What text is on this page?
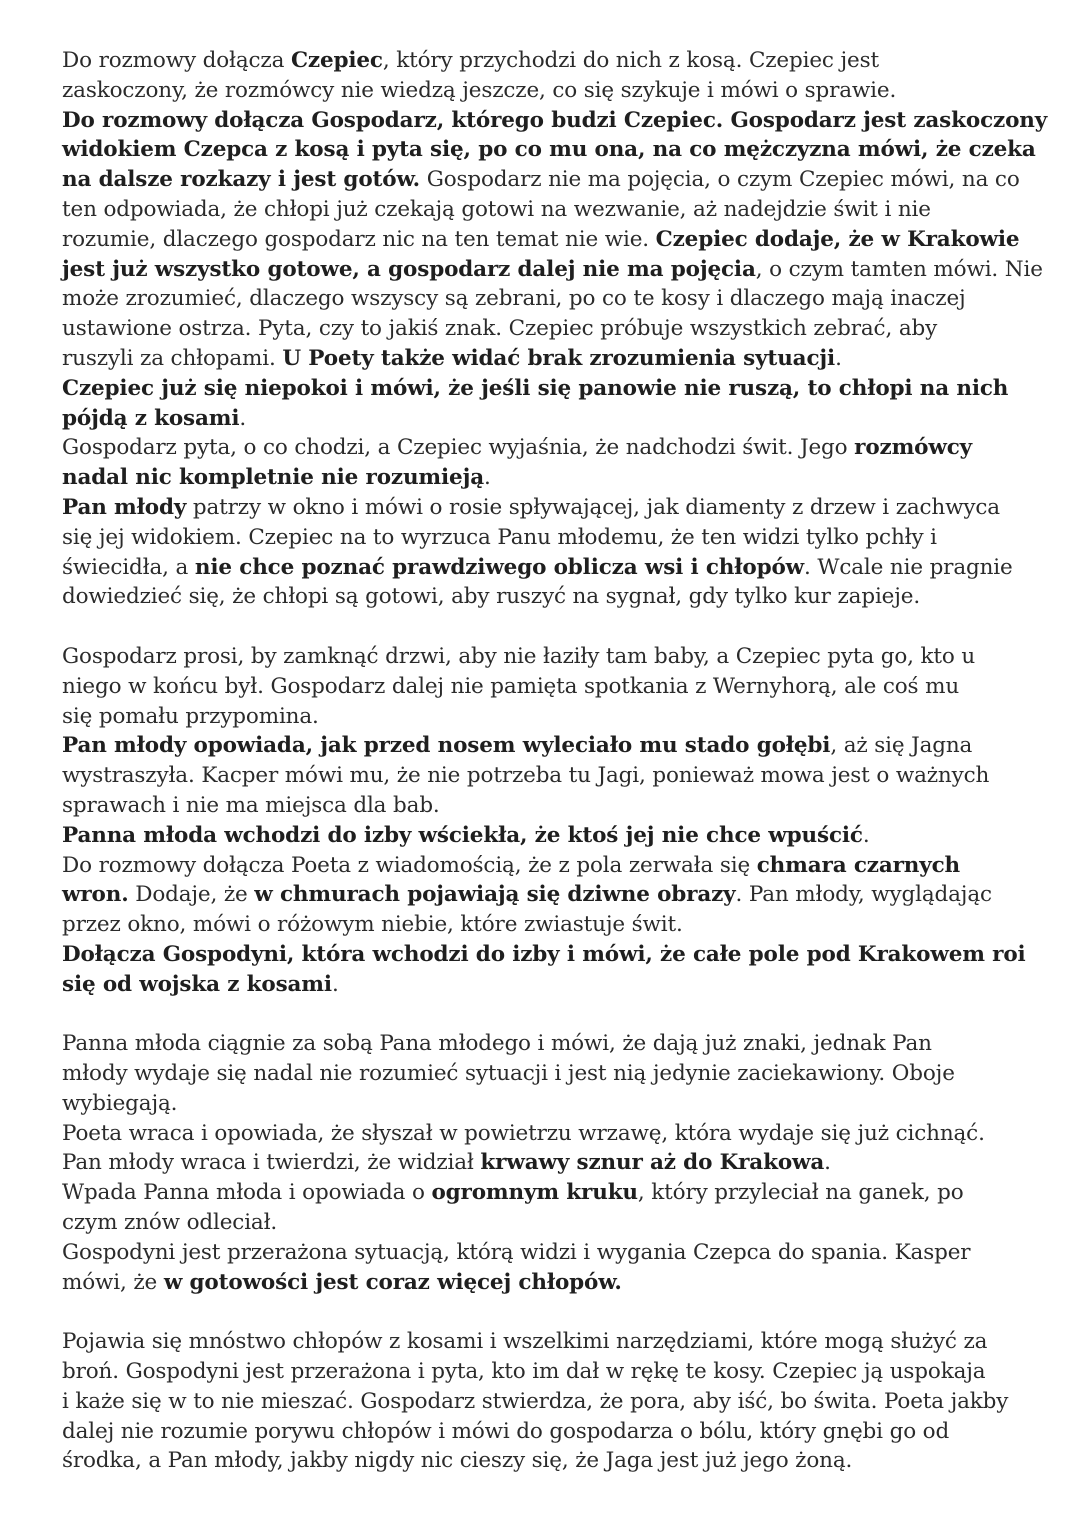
Do rozmowy dołącza Czepiec, który przychodzi do nich z kosą. Czepiec jest
zaskoczony, że rozmówcy nie wiedzą jeszcze, co się szykuje i mówi o sprawie.
Do rozmowy dołącza Gospodarz, którego budzi Czepiec. Gospodarz jest zaskoczony
widokiem Czepca z kosą i pyta się, po co mu ona, na co mężczyzna mówi, że czeka
na dalsze rozkazy i jest gotów. Gospodarz nie ma pojęcia, o czym Czepiec mówi, na co
ten odpowiada, że chłopi już czekają gotowi na wezwanie, aż nadejdzie świt i nie
rozumie, dlaczego gospodarz nic na ten temat nie wie. Czepiec dodaje, że w Krakowie
jest już wszystko gotowe, a gospodarz dalej nie ma pojęcia, o czym tamten mówi. Nie
może zrozumieć, dlaczego wszyscy są zebrani, po co te kosy i dlaczego mają inaczej
ustawione ostrza. Pyta, czy to jakiś znak. Czepiec próbuje wszystkich zebrać, aby
ruszyli za chłopami. U Poety także widać brak zrozumienia sytuacji.
Czepiec już się niepokoi i mówi, że jeśli się panowie nie ruszą, to chłopi na nich
pójdą z kosami.
Gospodarz pyta, o co chodzi, a Czepiec wyjaśnia, że nadchodzi świt. Jego rozmówcy
nadal nic kompletnie nie rozumieją.
Pan młody patrzy w okno i mówi o rosie spływającej, jak diamenty z drzew i zachwyca
się jej widokiem. Czepiec na to wyrzuca Panu młodemu, że ten widzi tylko pchły i
świecidła, a nie chce poznać prawdziwego oblicza wsi i chłopów. Wcale nie pragnie
dowiedzieć się, że chłopi są gotowi, aby ruszyć na sygnał, gdy tylko kur zapieje.
Gospodarz prosi, by zamknąć drzwi, aby nie łaziły tam baby, a Czepiec pyta go, kto u
niego w końcu był. Gospodarz dalej nie pamięta spotkania z Wernyhorą, ale coś mu
się pomału przypomina.
Pan młody opowiada, jak przed nosem wyleciało mu stado gołębi, aż się Jagna
wystraszyła. Kacper mówi mu, że nie potrzeba tu Jagi, ponieważ mowa jest o ważnych
sprawach i nie ma miejsca dla bab.
Panna młoda wchodzi do izby wściekła, że ktoś jej nie chce wpuścić.
Do rozmowy dołącza Poeta z wiadomością, że z pola zerwała się chmara czarnych
wron. Dodaje, że w chmurach pojawiają się dziwne obrazy. Pan młody, wyglądając
przez okno, mówi o różowym niebie, które zwiastuje świt.
Dołącza Gospodyni, która wchodzi do izby i mówi, że całe pole pod Krakowem roi
się od wojska z kosami.
Panna młoda ciągnie za sobą Pana młodego i mówi, że dają już znaki, jednak Pan
młody wydaje się nadal nie rozumieć sytuacji i jest nią jedynie zaciekawiony. Oboje
wybiegają.
Poeta wraca i opowiada, że słyszał w powietrzu wrzawę, która wydaje się już cichnąć.
Pan młody wraca i twierdzi, że widział krwawy sznur aż do Krakowa.
Wpada Panna młoda i opowiada o ogromnym kruku, który przyleciał na ganek, po
czym znów odleciał.
Gospodyni jest przerażona sytuacją, którą widzi i wygania Czepca do spania. Kasper
mówi, że w gotowości jest coraz więcej chłopów.
Pojawia się mnóstwo chłopów z kosami i wszelkimi narzędziami, które mogą służyć za
broń. Gospodyni jest przerażona i pyta, kto im dał w rękę te kosy. Czepiec ją uspokaja
i każe się w to nie mieszać. Gospodarz stwierdza, że pora, aby iść, bo świta. Poeta jakby
dalej nie rozumie porywu chłopów i mówi do gospodarza o bólu, który gnębi go od
środka, a Pan młody, jakby nigdy nic cieszy się, że Jaga jest już jego żoną.
